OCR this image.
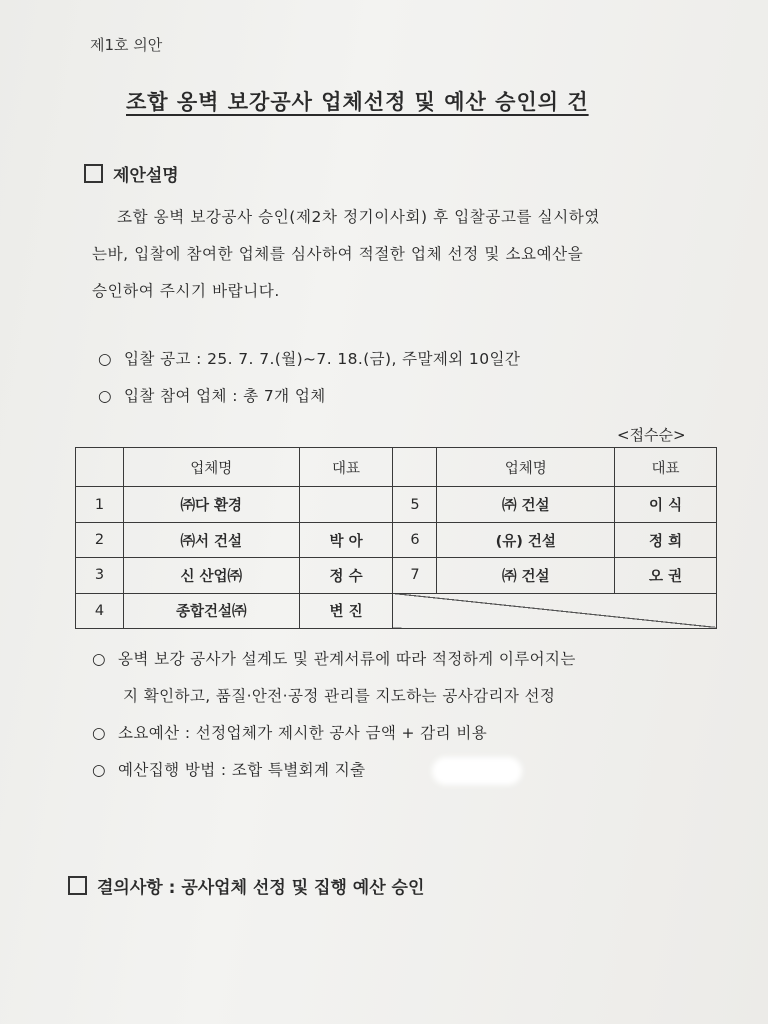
제1호 의안
조합 옹벽 보강공사 업체선정 및 예산 승인의 건
제안설명
조합 옹벽 보강공사 승인(제2차 정기이사회) 후 입찰공고를 실시하였
는바, 입찰에 참여한 업체를 심사하여 적절한 업체 선정 및 소요예산을
승인하여 주시기 바랍니다.
○ 입찰 공고 : 25. 7. 7.(월)~7. 18.(금), 주말제외 10일간
○ 입찰 참여 업체 : 총 7개 업체
<접수순>
	업체명	대표		업체명	대표
1	㈜다 환경		5	㈜ 건설	이 식
2	㈜서 건설	박 아	6	(유) 건설	정 희
3	신 산업㈜	정 수	7	㈜ 건설	오 권
4	종합건설㈜	변 진			
○ 옹벽 보강 공사가 설계도 및 관계서류에 따라 적정하게 이루어지는
지 확인하고, 품질·안전·공정 관리를 지도하는 공사감리자 선정
○ 소요예산 : 선정업체가 제시한 공사 금액 + 감리 비용
○ 예산집행 방법 : 조합 특별회계 지출
결의사항 : 공사업체 선정 및 집행 예산 승인
